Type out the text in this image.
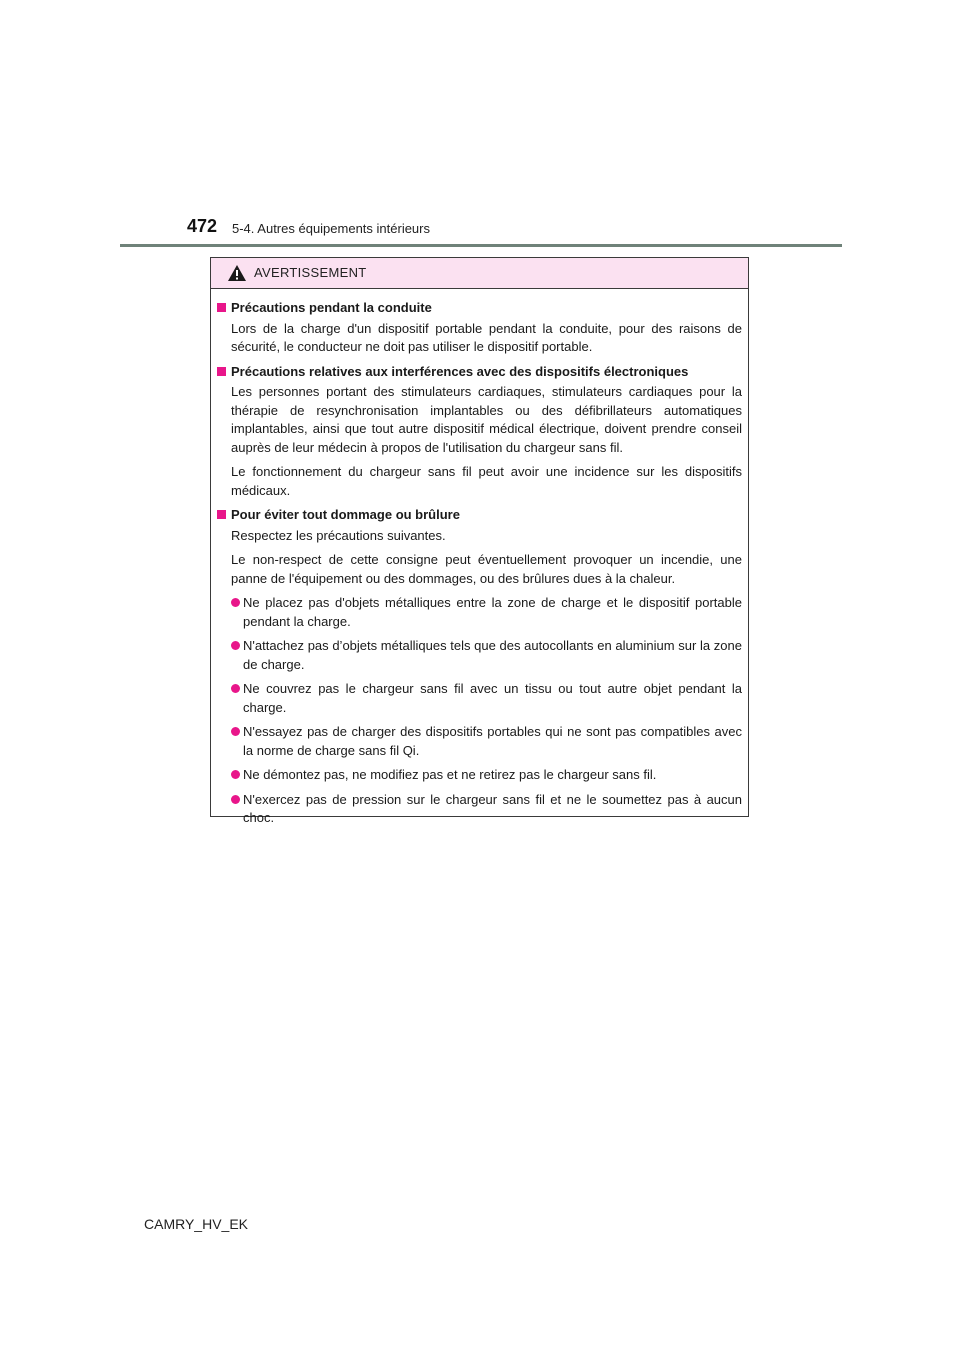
472 5-4. Autres équipements intérieurs
AVERTISSEMENT
Précautions pendant la conduite

Lors de la charge d'un dispositif portable pendant la conduite, pour des raisons de sécurité, le conducteur ne doit pas utiliser le dispositif portable.

Précautions relatives aux interférences avec des dispositifs électroniques

Les personnes portant des stimulateurs cardiaques, stimulateurs cardiaques pour la thérapie de resynchronisation implantables ou des défibrillateurs automatiques implantables, ainsi que tout autre dispositif médical électrique, doivent prendre conseil auprès de leur médecin à propos de l'utilisation du chargeur sans fil.

Le fonctionnement du chargeur sans fil peut avoir une incidence sur les dispositifs médicaux.

Pour éviter tout dommage ou brûlure

Respectez les précautions suivantes.

Le non-respect de cette consigne peut éventuellement provoquer un incendie, une panne de l'équipement ou des dommages, ou des brûlures dues à la chaleur.

Ne placez pas d'objets métalliques entre la zone de charge et le dispositif portable pendant la charge.
N'attachez pas d’objets métalliques tels que des autocollants en aluminium sur la zone de charge.
Ne couvrez pas le chargeur sans fil avec un tissu ou tout autre objet pendant la charge.
N'essayez pas de charger des dispositifs portables qui ne sont pas compatibles avec la norme de charge sans fil Qi.
Ne démontez pas, ne modifiez pas et ne retirez pas le chargeur sans fil.
N'exercez pas de pression sur le chargeur sans fil et ne le soumettez pas à aucun choc.
CAMRY_HV_EK
